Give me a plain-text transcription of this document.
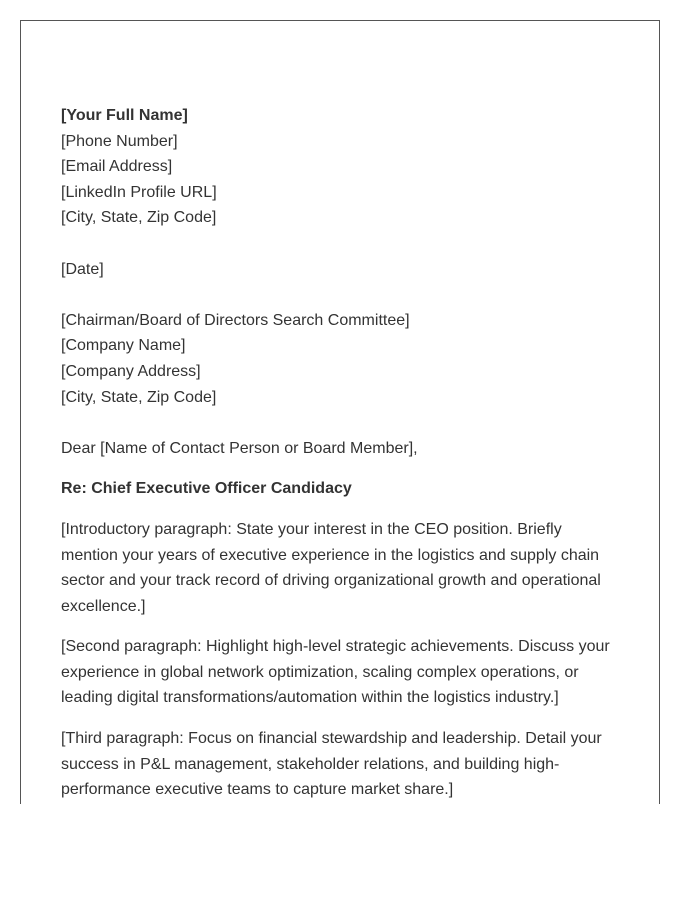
[Your Full Name]
[Phone Number]
[Email Address]
[LinkedIn Profile URL]
[City, State, Zip Code]
[Date]
[Chairman/Board of Directors Search Committee]
[Company Name]
[Company Address]
[City, State, Zip Code]
Dear [Name of Contact Person or Board Member],
Re: Chief Executive Officer Candidacy

[Introductory paragraph: State your interest in the CEO position. Briefly mention your years of executive experience in the logistics and supply chain sector and your track record of driving organizational growth and operational excellence.]

[Second paragraph: Highlight high-level strategic achievements. Discuss your experience in global network optimization, scaling complex operations, or leading digital transformations/automation within the logistics industry.]

[Third paragraph: Focus on financial stewardship and leadership. Detail your success in P&L management, stakeholder relations, and building high-performance executive teams to capture market share.]
